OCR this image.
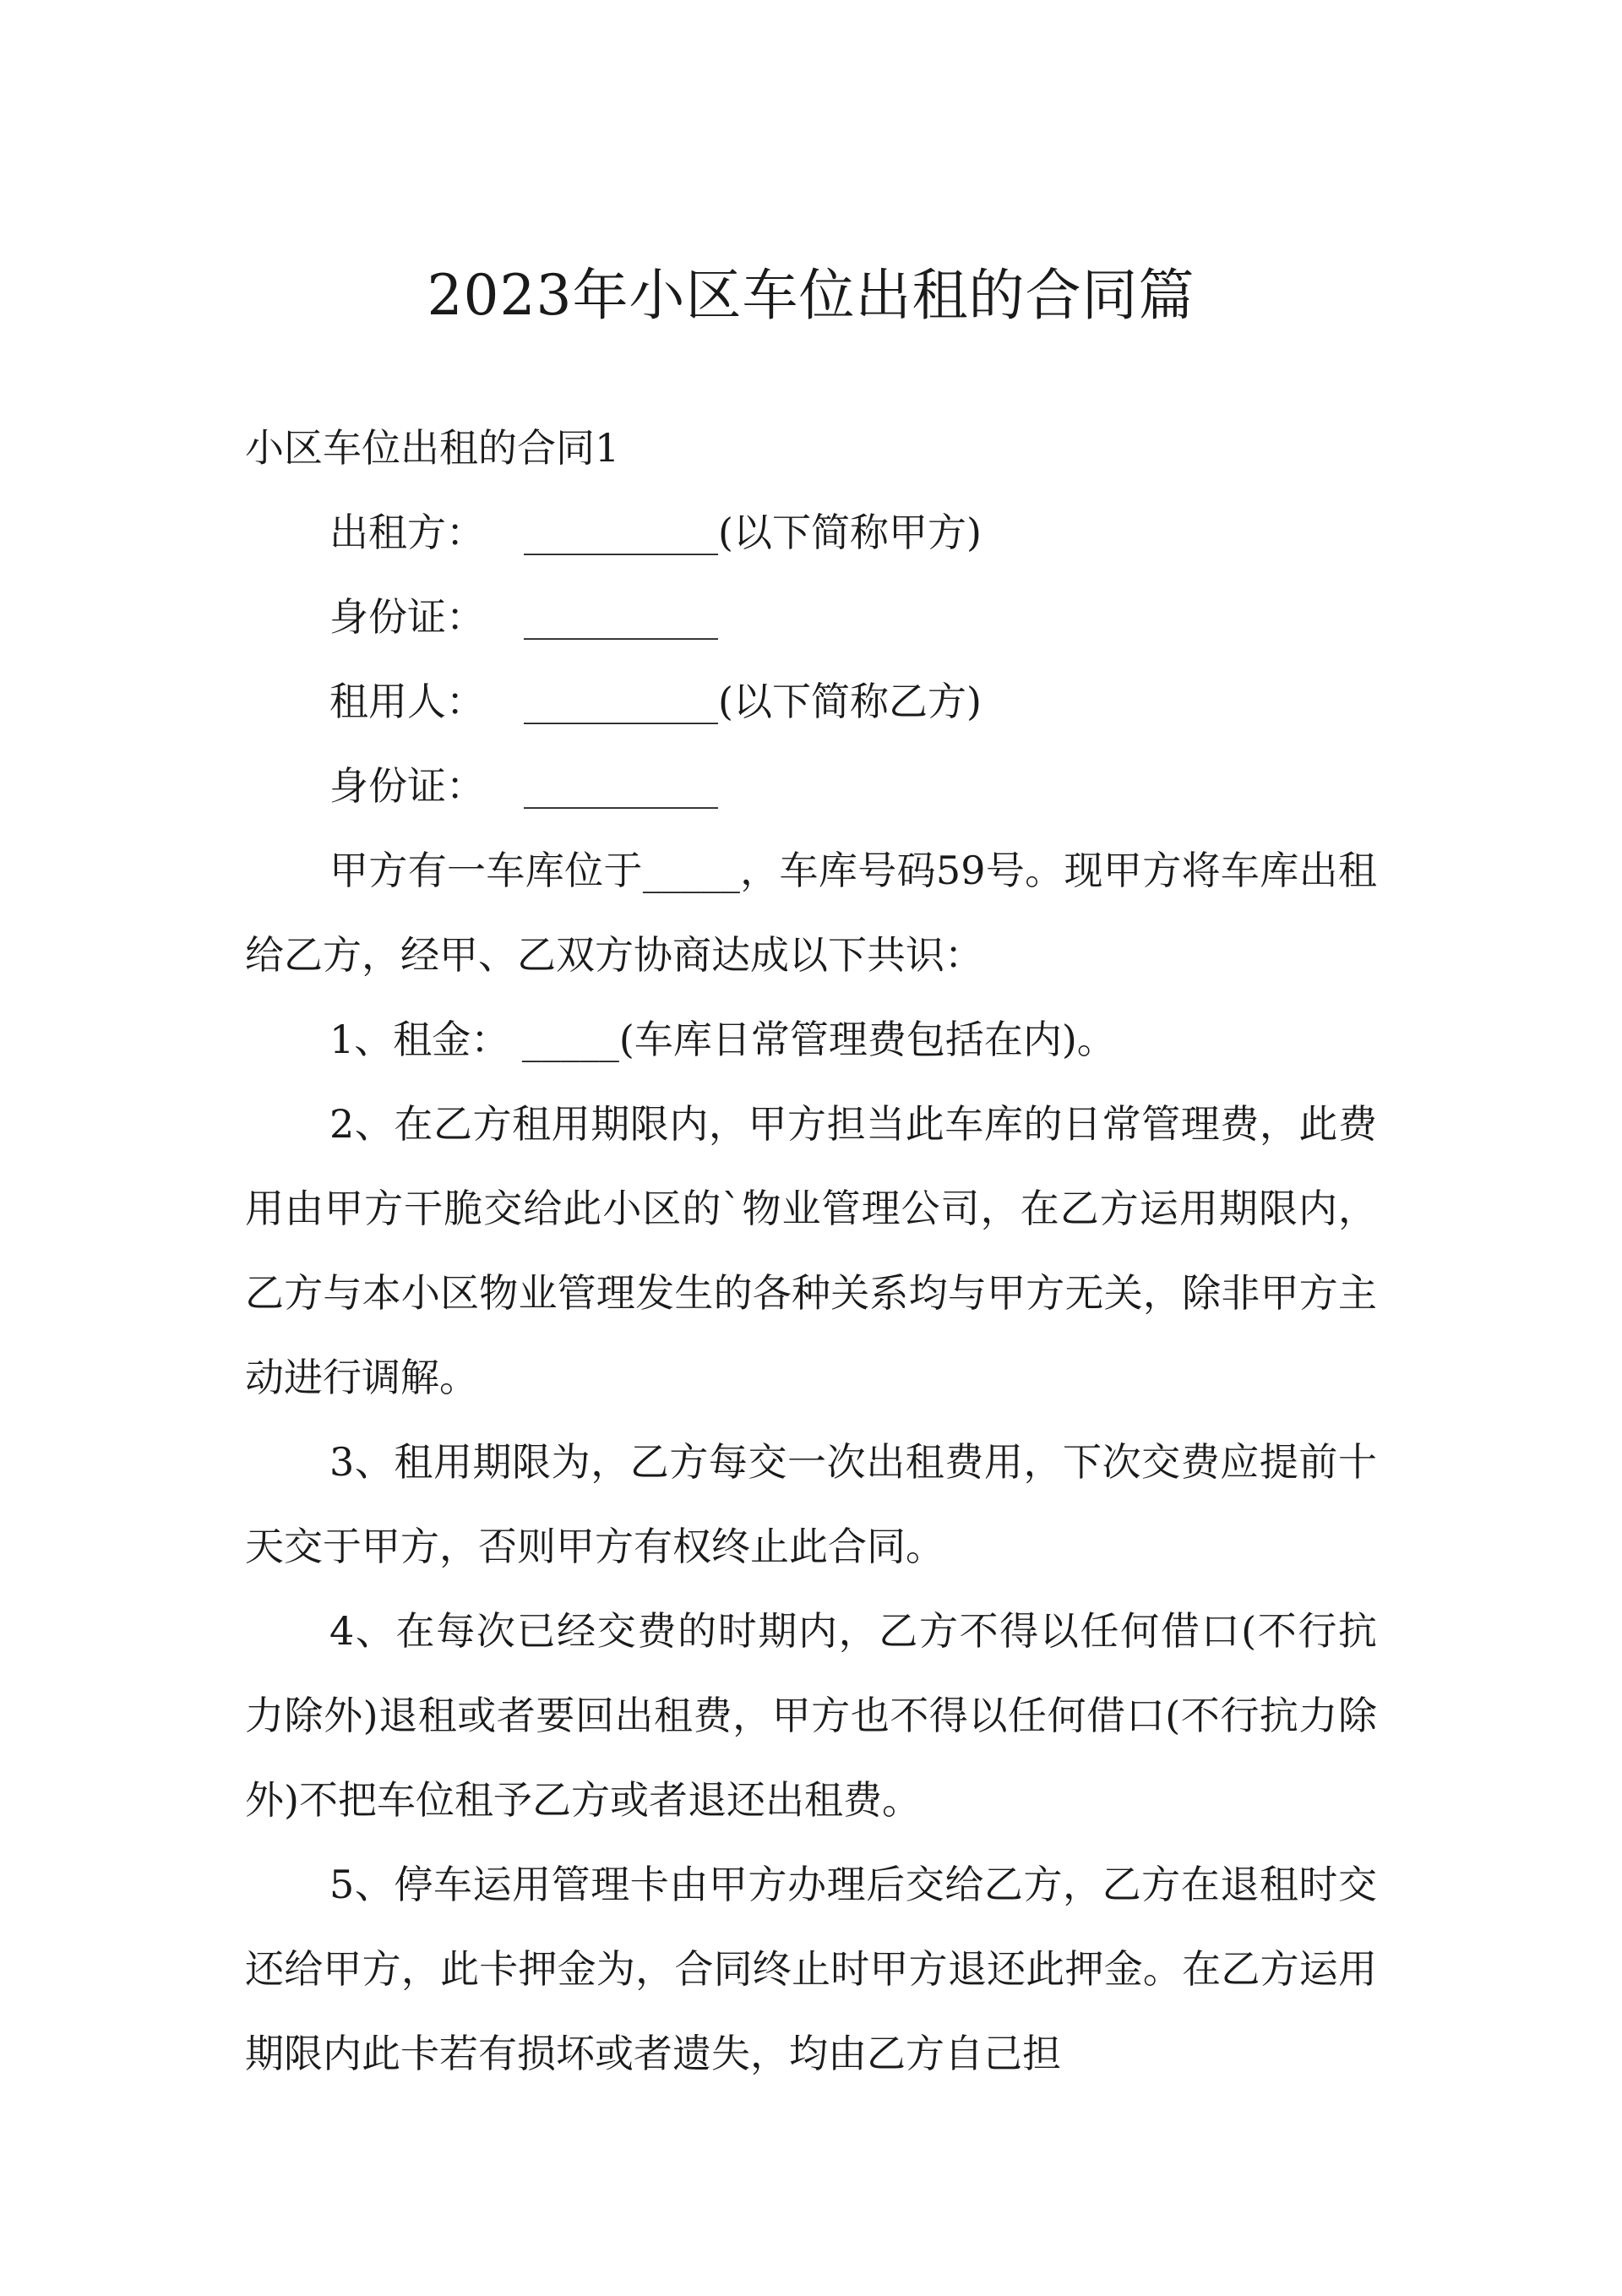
2023年小区车位出租的合同篇

小区车位出租的合同1

出租方： __________(以下简称甲方)

身份证： __________

租用人： __________(以下简称乙方)

身份证： __________

甲方有一车库位于_____，车库号码59号。现甲方将车库出租给乙方，经甲、乙双方协商达成以下共识：

1、租金： _____(车库日常管理费包括在内)。

2、在乙方租用期限内，甲方担当此车库的日常管理费，此费用由甲方干脆交给此小区的`物业管理公司，在乙方运用期限内，乙方与本小区物业管理发生的各种关系均与甲方无关，除非甲方主动进行调解。

3、租用期限为，乙方每交一次出租费用，下次交费应提前十天交于甲方，否则甲方有权终止此合同。

4、在每次已经交费的时期内，乙方不得以任何借口(不行抗力除外)退租或者要回出租费，甲方也不得以任何借口(不行抗力除外)不把车位租予乙方或者退还出租费。

5、停车运用管理卡由甲方办理后交给乙方，乙方在退租时交还给甲方，此卡押金为，合同终止时甲方退还此押金。在乙方运用期限内此卡若有损坏或者遗失，均由乙方自己担
